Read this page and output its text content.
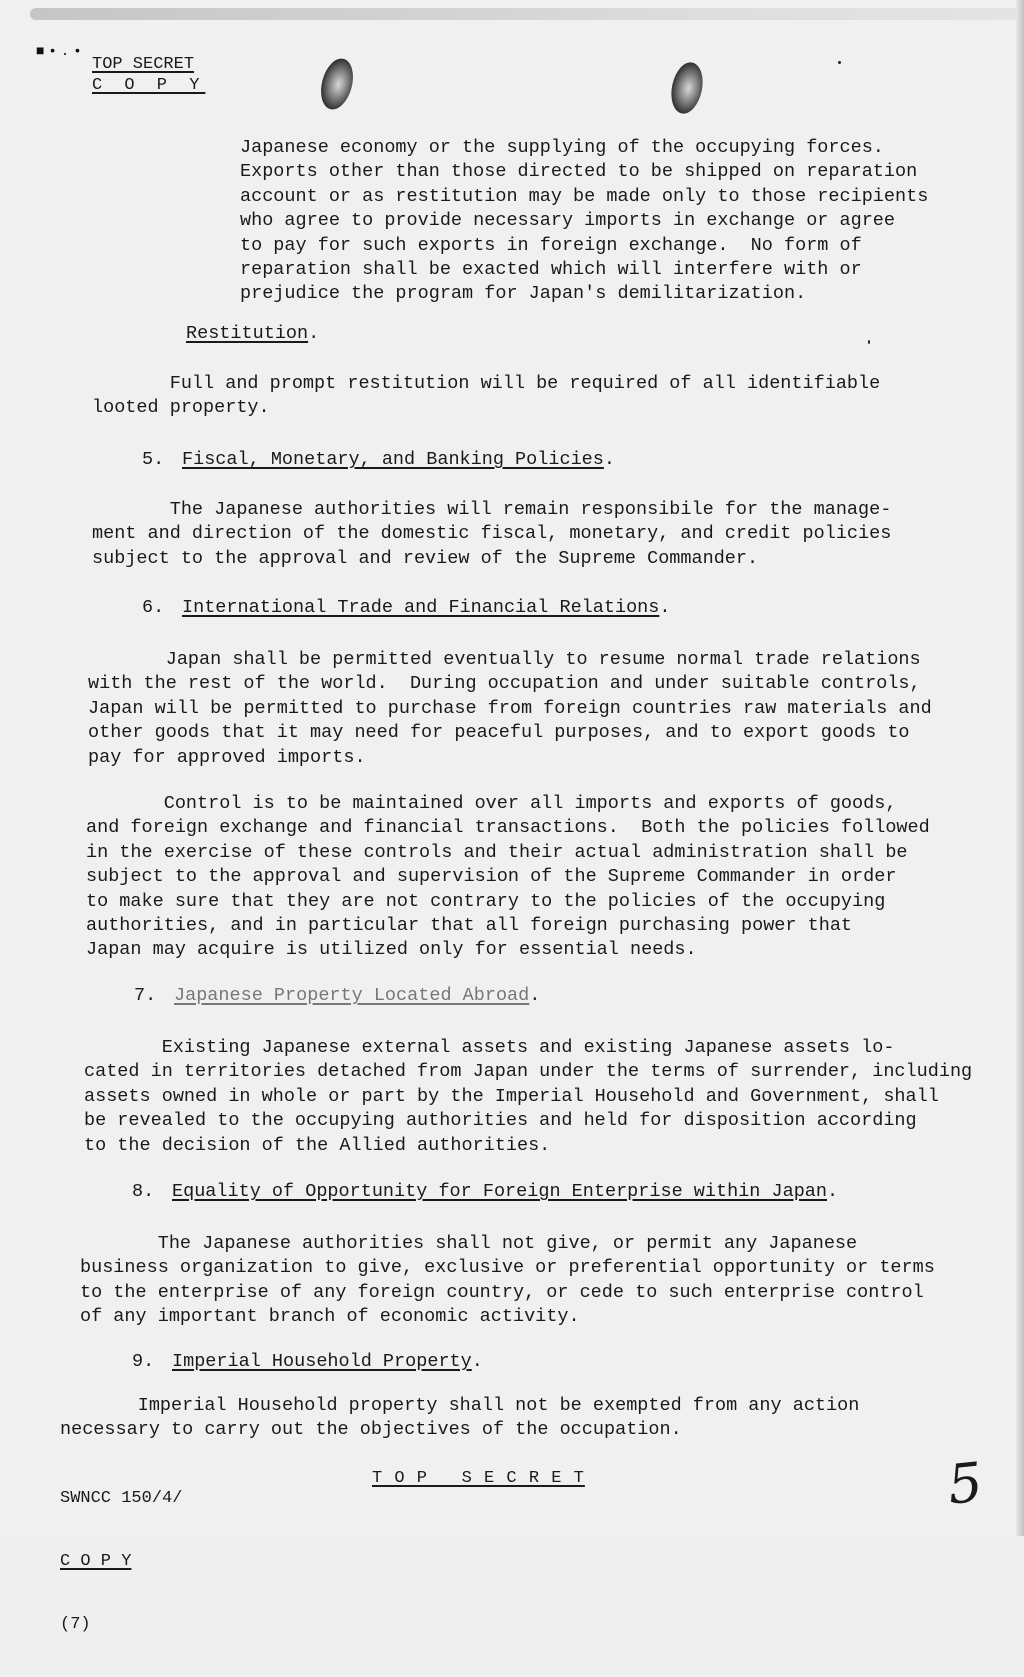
■•.•
TOP SECRET
C O P Y
Japanese economy or the supplying of the occupying forces.
Exports other than those directed to be shipped on reparation
account or as restitution may be made only to those recipients
who agree to provide necessary imports in exchange or agree
to pay for such exports in foreign exchange.  No form of
reparation shall be exacted which will interfere with or
prejudice the program for Japan's demilitarization.
Restitution.
Full and prompt restitution will be required of all identifiable
looted property.
5. Fiscal, Monetary, and Banking Policies.
The Japanese authorities will remain responsibile for the manage-
ment and direction of the domestic fiscal, monetary, and credit policies
subject to the approval and review of the Supreme Commander.
6. International Trade and Financial Relations.
Japan shall be permitted eventually to resume normal trade relations
with the rest of the world.  During occupation and under suitable controls,
Japan will be permitted to purchase from foreign countries raw materials and
other goods that it may need for peaceful purposes, and to export goods to
pay for approved imports.
Control is to be maintained over all imports and exports of goods,
and foreign exchange and financial transactions.  Both the policies followed
in the exercise of these controls and their actual administration shall be
subject to the approval and supervision of the Supreme Commander in order
to make sure that they are not contrary to the policies of the occupying
authorities, and in particular that all foreign purchasing power that
Japan may acquire is utilized only for essential needs.
7. Japanese Property Located Abroad.
Existing Japanese external assets and existing Japanese assets lo-
cated in territories detached from Japan under the terms of surrender, including
assets owned in whole or part by the Imperial Household and Government, shall
be revealed to the occupying authorities and held for disposition according
to the decision of the Allied authorities.
8. Equality of Opportunity for Foreign Enterprise within Japan.
The Japanese authorities shall not give, or permit any Japanese
business organization to give, exclusive or preferential opportunity or terms
to the enterprise of any foreign country, or cede to such enterprise control
of any important branch of economic activity.
9. Imperial Household Property.
Imperial Household property shall not be exempted from any action
necessary to carry out the objectives of the occupation.

SWNCC 150/4/

C O P Y

(7)

T O P   S E C R E T	5
